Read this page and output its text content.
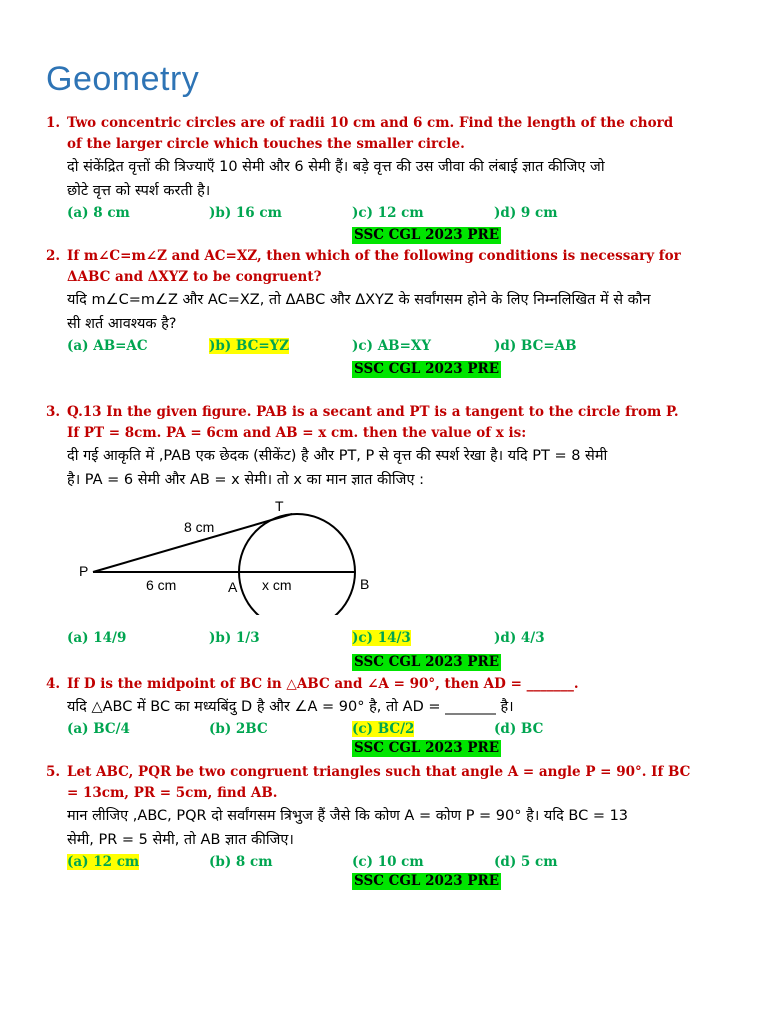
Geometry
1. Two concentric circles are of radii 10 cm and 6 cm. Find the length of the chord
of the larger circle which touches the smaller circle.
दो संकेंद्रित वृत्तों की त्रिज्याएँ 10 सेमी और 6 सेमी हैं। बड़े वृत्त की उस जीवा की लंबाई ज्ञात कीजिए जो
छोटे वृत्त को स्पर्श करती है।
(a) 8 cm	)b) 16 cm	)c) 12 cm	)d) 9 cm
SSC CGL 2023 PRE
2. If m∠C=m∠Z and AC=XZ, then which of the following conditions is necessary for
ΔABC and ΔXYZ to be congruent?
यदि m∠C=m∠Z और AC=XZ, तो ΔABC और ΔXYZ के सर्वांगसम होने के लिए निम्नलिखित में से कौन
सी शर्त आवश्यक है?
(a) AB=AC	)b) BC=YZ	)c) AB=XY	)d) BC=AB
SSC CGL 2023 PRE
3. Q.13 In the given figure. PAB is a secant and PT is a tangent to the circle from P.
If PT = 8cm. PA = 6cm and AB = x cm. then the value of x is:
दी गई आकृति में ,PAB एक छेदक (सीकेंट) है और PT, P से वृत्त की स्पर्श रेखा है। यदि PT = 8 सेमी
है। PA = 6 सेमी और AB = x सेमी। तो x का मान ज्ञात कीजिए :
T
8 cm
P
6 cm	A x cm	B
(a) 14/9	)b) 1/3	)c) 14/3	)d) 4/3
SSC CGL 2023 PRE
4. If D is the midpoint of BC in △ABC and ∠A = 90°, then AD = _______.
यदि △ABC में BC का मध्यबिंदु D है और ∠A = 90° है, तो AD = _______ है।
(a) BC/4	(b) 2BC	(c) BC/2	(d) BC
SSC CGL 2023 PRE
5. Let ABC, PQR be two congruent triangles such that angle A = angle P = 90°. If BC
= 13cm, PR = 5cm, find AB.
मान लीजिए ,ABC, PQR दो सर्वांगसम त्रिभुज हैं जैसे कि कोण A = कोण P = 90° है। यदि BC = 13
सेमी, PR = 5 सेमी, तो AB ज्ञात कीजिए।
(a) 12 cm	(b) 8 cm	(c) 10 cm	(d) 5 cm
SSC CGL 2023 PRE
